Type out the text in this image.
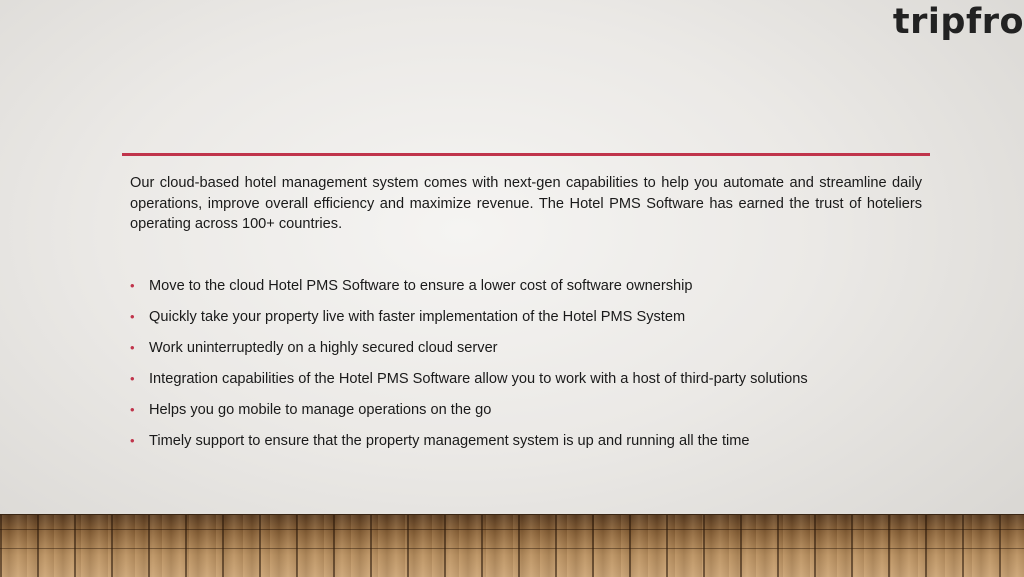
tripfro

Our cloud-based hotel management system comes with next-gen capabilities to help you automate and streamline daily operations, improve overall efficiency and maximize revenue. The Hotel PMS Software has earned the trust of hoteliers operating across 100+ countries.

• Move to the cloud Hotel PMS Software to ensure a lower cost of software ownership
• Quickly take your property live with faster implementation of the Hotel PMS System
• Work uninterruptedly on a highly secured cloud server
• Integration capabilities of the Hotel PMS Software allow you to work with a host of third-party solutions
• Helps you go mobile to manage operations on the go
• Timely support to ensure that the property management system is up and running all the time
